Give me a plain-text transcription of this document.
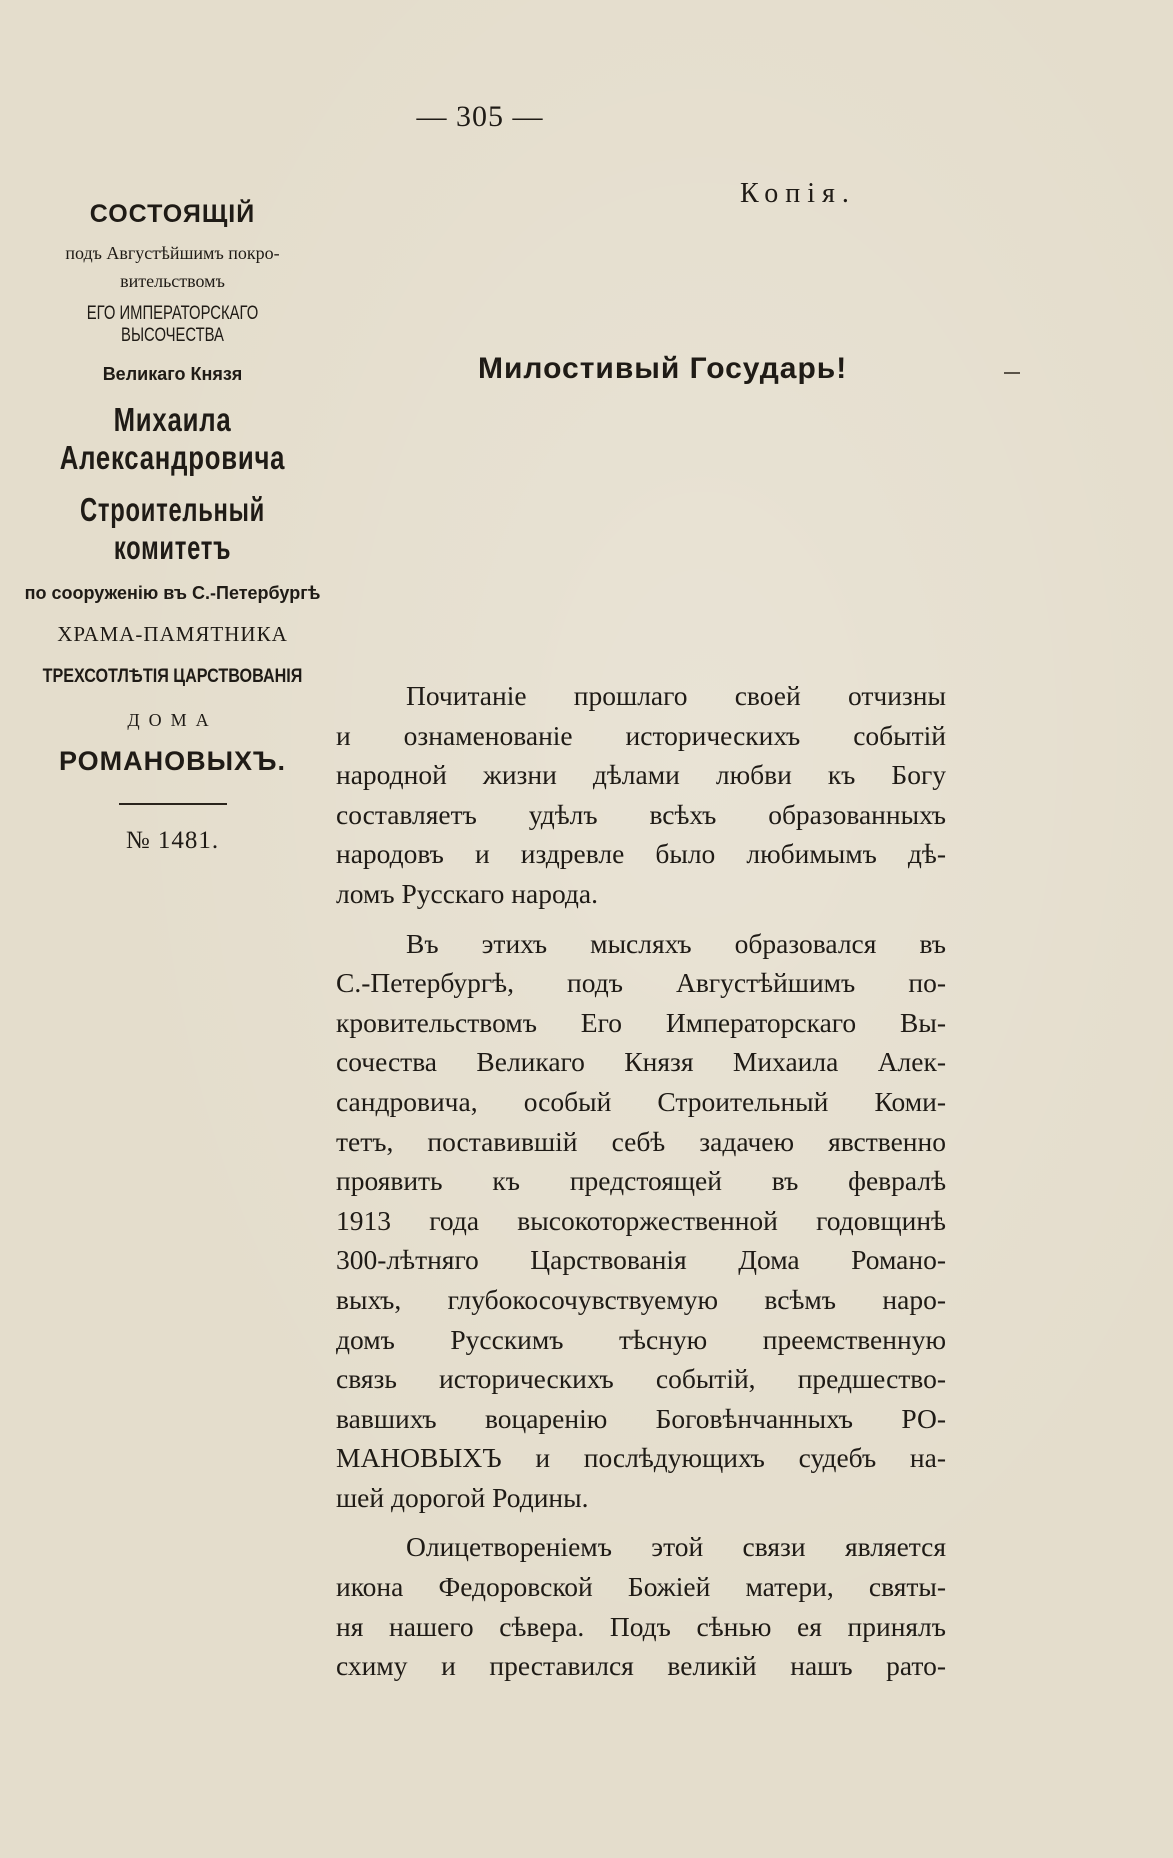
— 305 —
Копія.

СОСТОЯЩІЙ

подъ Августѣйшимъ покро-

вительствомъ

ЕГО ИМПЕРАТОРСКАГО ВЫСОЧЕСТВА

Великаго Князя

Михаила Александровича

Строительный комитетъ

по сооруженію въ С.-Петербургѣ

ХРАМА-ПАМЯТНИКА

ТРЕХСОТЛѢТІЯ ЦАРСТВОВАНІЯ

ДОМА

РОМАНОВЫХЪ.

№ 1481.

Милостивый Государь!
Почитаніе прошлаго своей отчизны
и ознаменованіе историческихъ событій
народной жизни дѣлами любви къ Богу
составляетъ удѣлъ всѣхъ образованныхъ
народовъ и издревле было любимымъ дѣ-
ломъ Русскаго народа.
Въ этихъ мысляхъ образовался въ
С.-Петербургѣ, подъ Августѣйшимъ по-
кровительствомъ Его Императорскаго Вы-
сочества Великаго Князя Михаила Алек-
сандровича, особый Строительный Коми-
тетъ, поставившій себѣ задачею явственно
проявить къ предстоящей въ февралѣ
1913 года высокоторжественной годовщинѣ
300-лѣтняго Царствованія Дома Романо-
выхъ, глубокосочувствуемую всѣмъ наро-
домъ Русскимъ тѣсную преемственную
связь историческихъ событій, предшество-
вавшихъ воцаренію Боговѣнчанныхъ РО-
МАНОВЫХЪ и послѣдующихъ судебъ на-
шей дорогой Родины.
Олицетвореніемъ этой связи является
икона Федоровской Божіей матери, святы-
ня нашего сѣвера. Подъ сѣнью ея принялъ
схиму и преставился великій нашъ рато-
